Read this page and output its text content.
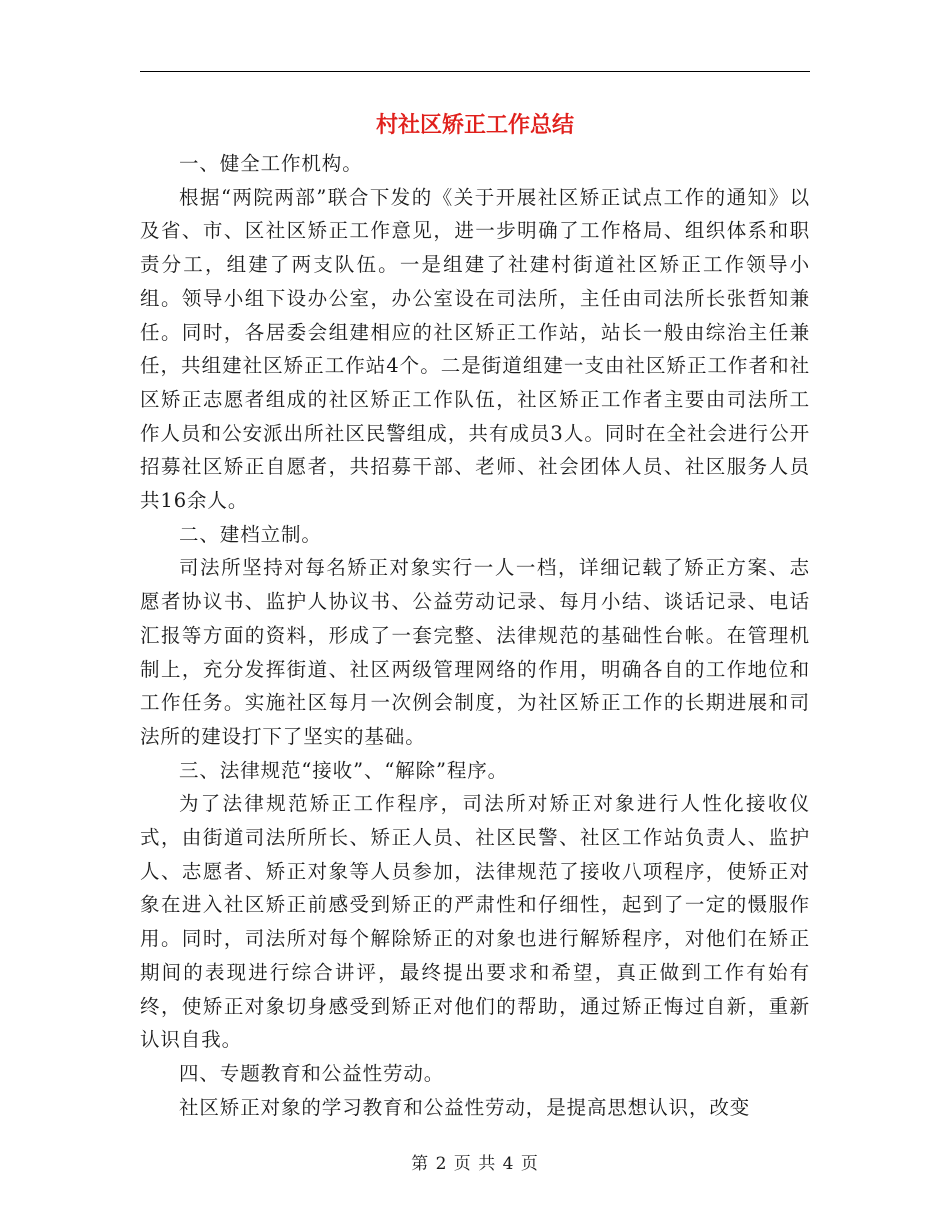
村社区矫正工作总结

一、健全工作机构。

根据“两院两部”联合下发的《关于开展社区矫正试点工作的通知》以及省、市、区社区矫正工作意见，进一步明确了工作格局、组织体系和职责分工，组建了两支队伍。一是组建了社建村街道社区矫正工作领导小组。领导小组下设办公室，办公室设在司法所，主任由司法所长张哲知兼任。同时，各居委会组建相应的社区矫正工作站，站长一般由综治主任兼任，共组建社区矫正工作站4个。二是街道组建一支由社区矫正工作者和社区矫正志愿者组成的社区矫正工作队伍，社区矫正工作者主要由司法所工作人员和公安派出所社区民警组成，共有成员3人。同时在全社会进行公开招募社区矫正自愿者，共招募干部、老师、社会团体人员、社区服务人员共16余人。

二、建档立制。

司法所坚持对每名矫正对象实行一人一档，详细记载了矫正方案、志愿者协议书、监护人协议书、公益劳动记录、每月小结、谈话记录、电话汇报等方面的资料，形成了一套完整、法律规范的基础性台帐。在管理机制上，充分发挥街道、社区两级管理网络的作用，明确各自的工作地位和工作任务。实施社区每月一次例会制度，为社区矫正工作的长期进展和司法所的建设打下了坚实的基础。

三、法律规范“接收”、“解除”程序。

为了法律规范矫正工作程序，司法所对矫正对象进行人性化接收仪式，由街道司法所所长、矫正人员、社区民警、社区工作站负责人、监护人、志愿者、矫正对象等人员参加，法律规范了接收八项程序，使矫正对象在进入社区矫正前感受到矫正的严肃性和仔细性，起到了一定的慑服作用。同时，司法所对每个解除矫正的对象也进行解矫程序，对他们在矫正期间的表现进行综合讲评，最终提出要求和希望，真正做到工作有始有终，使矫正对象切身感受到矫正对他们的帮助，通过矫正悔过自新，重新认识自我。

四、专题教育和公益性劳动。

社区矫正对象的学习教育和公益性劳动，是提高思想认识，改变

第 2 页 共 4 页
